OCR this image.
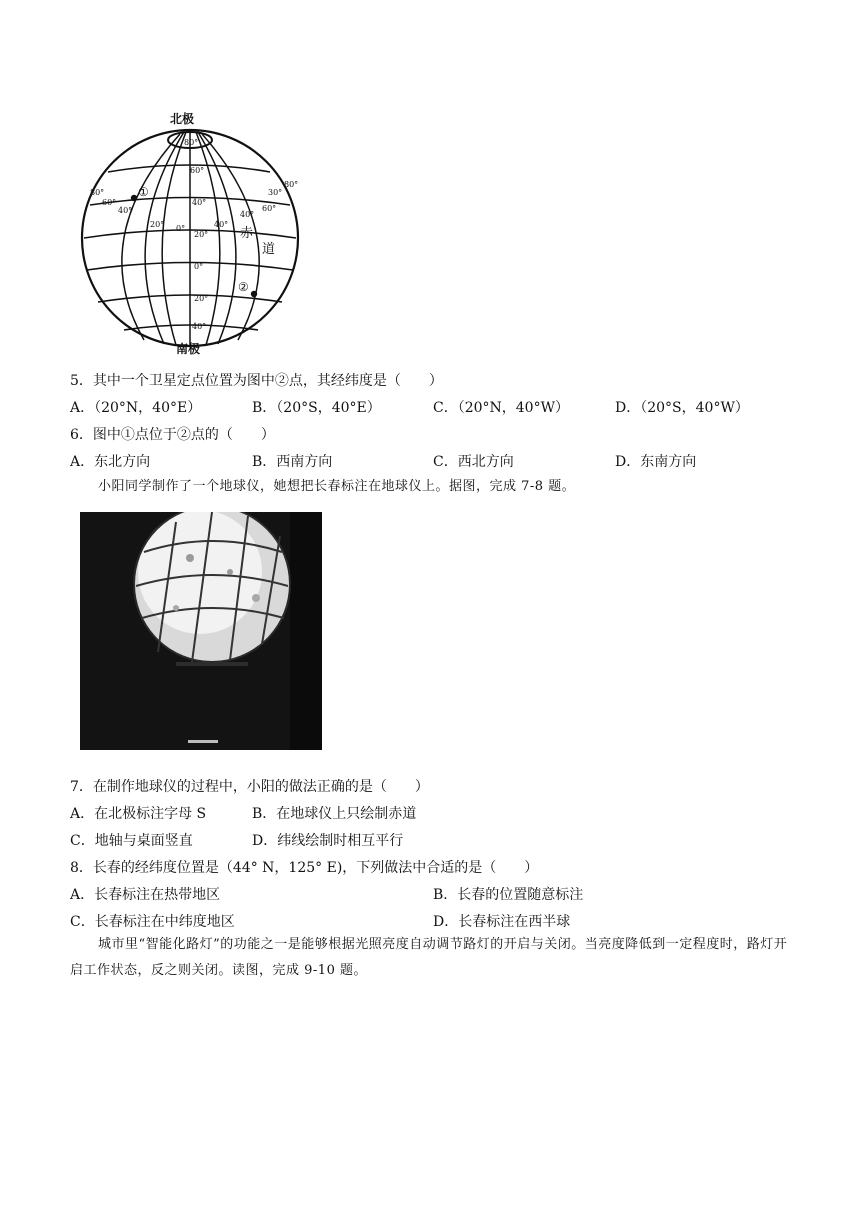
北极
南极
赤
道
①
②
80°
60°
40°
20°
0°
20°
40°
80°
60°
40°
20° 0°	40°
40°
30°
60°
80°
5．其中一个卫星定点位置为图中②点，其经纬度是（　　）
A．（20°N，40°E）	B．（20°S，40°E）	C．（20°N，40°W）	D．（20°S，40°W）
6．图中①点位于②点的（　　）
A．东北方向	B．西南方向	C．西北方向	D．东南方向
小阳同学制作了一个地球仪，她想把长春标注在地球仪上。据图，完成 7-8 题。
7．在制作地球仪的过程中，小阳的做法正确的是（　　）
A．在北极标注字母 S	B．在地球仪上只绘制赤道
C．地轴与桌面竖直	D．纬线绘制时相互平行
8．长春的经纬度位置是（44° N，125° E)，下列做法中合适的是（　　）
A．长春标注在热带地区	B．长春的位置随意标注
C．长春标注在中纬度地区	D．长春标注在西半球
城市里“智能化路灯”的功能之一是能够根据光照亮度自动调节路灯的开启与关闭。当亮度降低到一定程度时，路灯开启工作状态，反之则关闭。读图，完成 9-10 题。
